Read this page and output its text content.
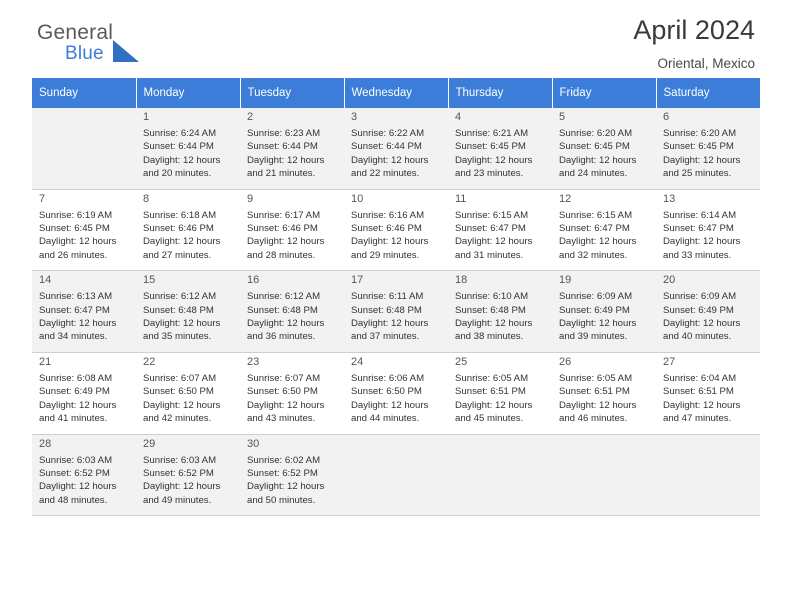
General
Blue
April 2024
Oriental, Mexico
Sunday	Monday	Tuesday	Wednesday	Thursday	Friday	Saturday

	1
Sunrise: 6:24 AM
Sunset: 6:44 PM
Daylight: 12 hours
and 20 minutes.	2
Sunrise: 6:23 AM
Sunset: 6:44 PM
Daylight: 12 hours
and 21 minutes.	3
Sunrise: 6:22 AM
Sunset: 6:44 PM
Daylight: 12 hours
and 22 minutes.	4
Sunrise: 6:21 AM
Sunset: 6:45 PM
Daylight: 12 hours
and 23 minutes.	5
Sunrise: 6:20 AM
Sunset: 6:45 PM
Daylight: 12 hours
and 24 minutes.	6
Sunrise: 6:20 AM
Sunset: 6:45 PM
Daylight: 12 hours
and 25 minutes.

7
Sunrise: 6:19 AM
Sunset: 6:45 PM
Daylight: 12 hours
and 26 minutes.	8
Sunrise: 6:18 AM
Sunset: 6:46 PM
Daylight: 12 hours
and 27 minutes.	9
Sunrise: 6:17 AM
Sunset: 6:46 PM
Daylight: 12 hours
and 28 minutes.	10
Sunrise: 6:16 AM
Sunset: 6:46 PM
Daylight: 12 hours
and 29 minutes.	11
Sunrise: 6:15 AM
Sunset: 6:47 PM
Daylight: 12 hours
and 31 minutes.	12
Sunrise: 6:15 AM
Sunset: 6:47 PM
Daylight: 12 hours
and 32 minutes.	13
Sunrise: 6:14 AM
Sunset: 6:47 PM
Daylight: 12 hours
and 33 minutes.

14
Sunrise: 6:13 AM
Sunset: 6:47 PM
Daylight: 12 hours
and 34 minutes.	15
Sunrise: 6:12 AM
Sunset: 6:48 PM
Daylight: 12 hours
and 35 minutes.	16
Sunrise: 6:12 AM
Sunset: 6:48 PM
Daylight: 12 hours
and 36 minutes.	17
Sunrise: 6:11 AM
Sunset: 6:48 PM
Daylight: 12 hours
and 37 minutes.	18
Sunrise: 6:10 AM
Sunset: 6:48 PM
Daylight: 12 hours
and 38 minutes.	19
Sunrise: 6:09 AM
Sunset: 6:49 PM
Daylight: 12 hours
and 39 minutes.	20
Sunrise: 6:09 AM
Sunset: 6:49 PM
Daylight: 12 hours
and 40 minutes.

21
Sunrise: 6:08 AM
Sunset: 6:49 PM
Daylight: 12 hours
and 41 minutes.	22
Sunrise: 6:07 AM
Sunset: 6:50 PM
Daylight: 12 hours
and 42 minutes.	23
Sunrise: 6:07 AM
Sunset: 6:50 PM
Daylight: 12 hours
and 43 minutes.	24
Sunrise: 6:06 AM
Sunset: 6:50 PM
Daylight: 12 hours
and 44 minutes.	25
Sunrise: 6:05 AM
Sunset: 6:51 PM
Daylight: 12 hours
and 45 minutes.	26
Sunrise: 6:05 AM
Sunset: 6:51 PM
Daylight: 12 hours
and 46 minutes.	27
Sunrise: 6:04 AM
Sunset: 6:51 PM
Daylight: 12 hours
and 47 minutes.

28
Sunrise: 6:03 AM
Sunset: 6:52 PM
Daylight: 12 hours
and 48 minutes.	29
Sunrise: 6:03 AM
Sunset: 6:52 PM
Daylight: 12 hours
and 49 minutes.	30
Sunrise: 6:02 AM
Sunset: 6:52 PM
Daylight: 12 hours
and 50 minutes.				
